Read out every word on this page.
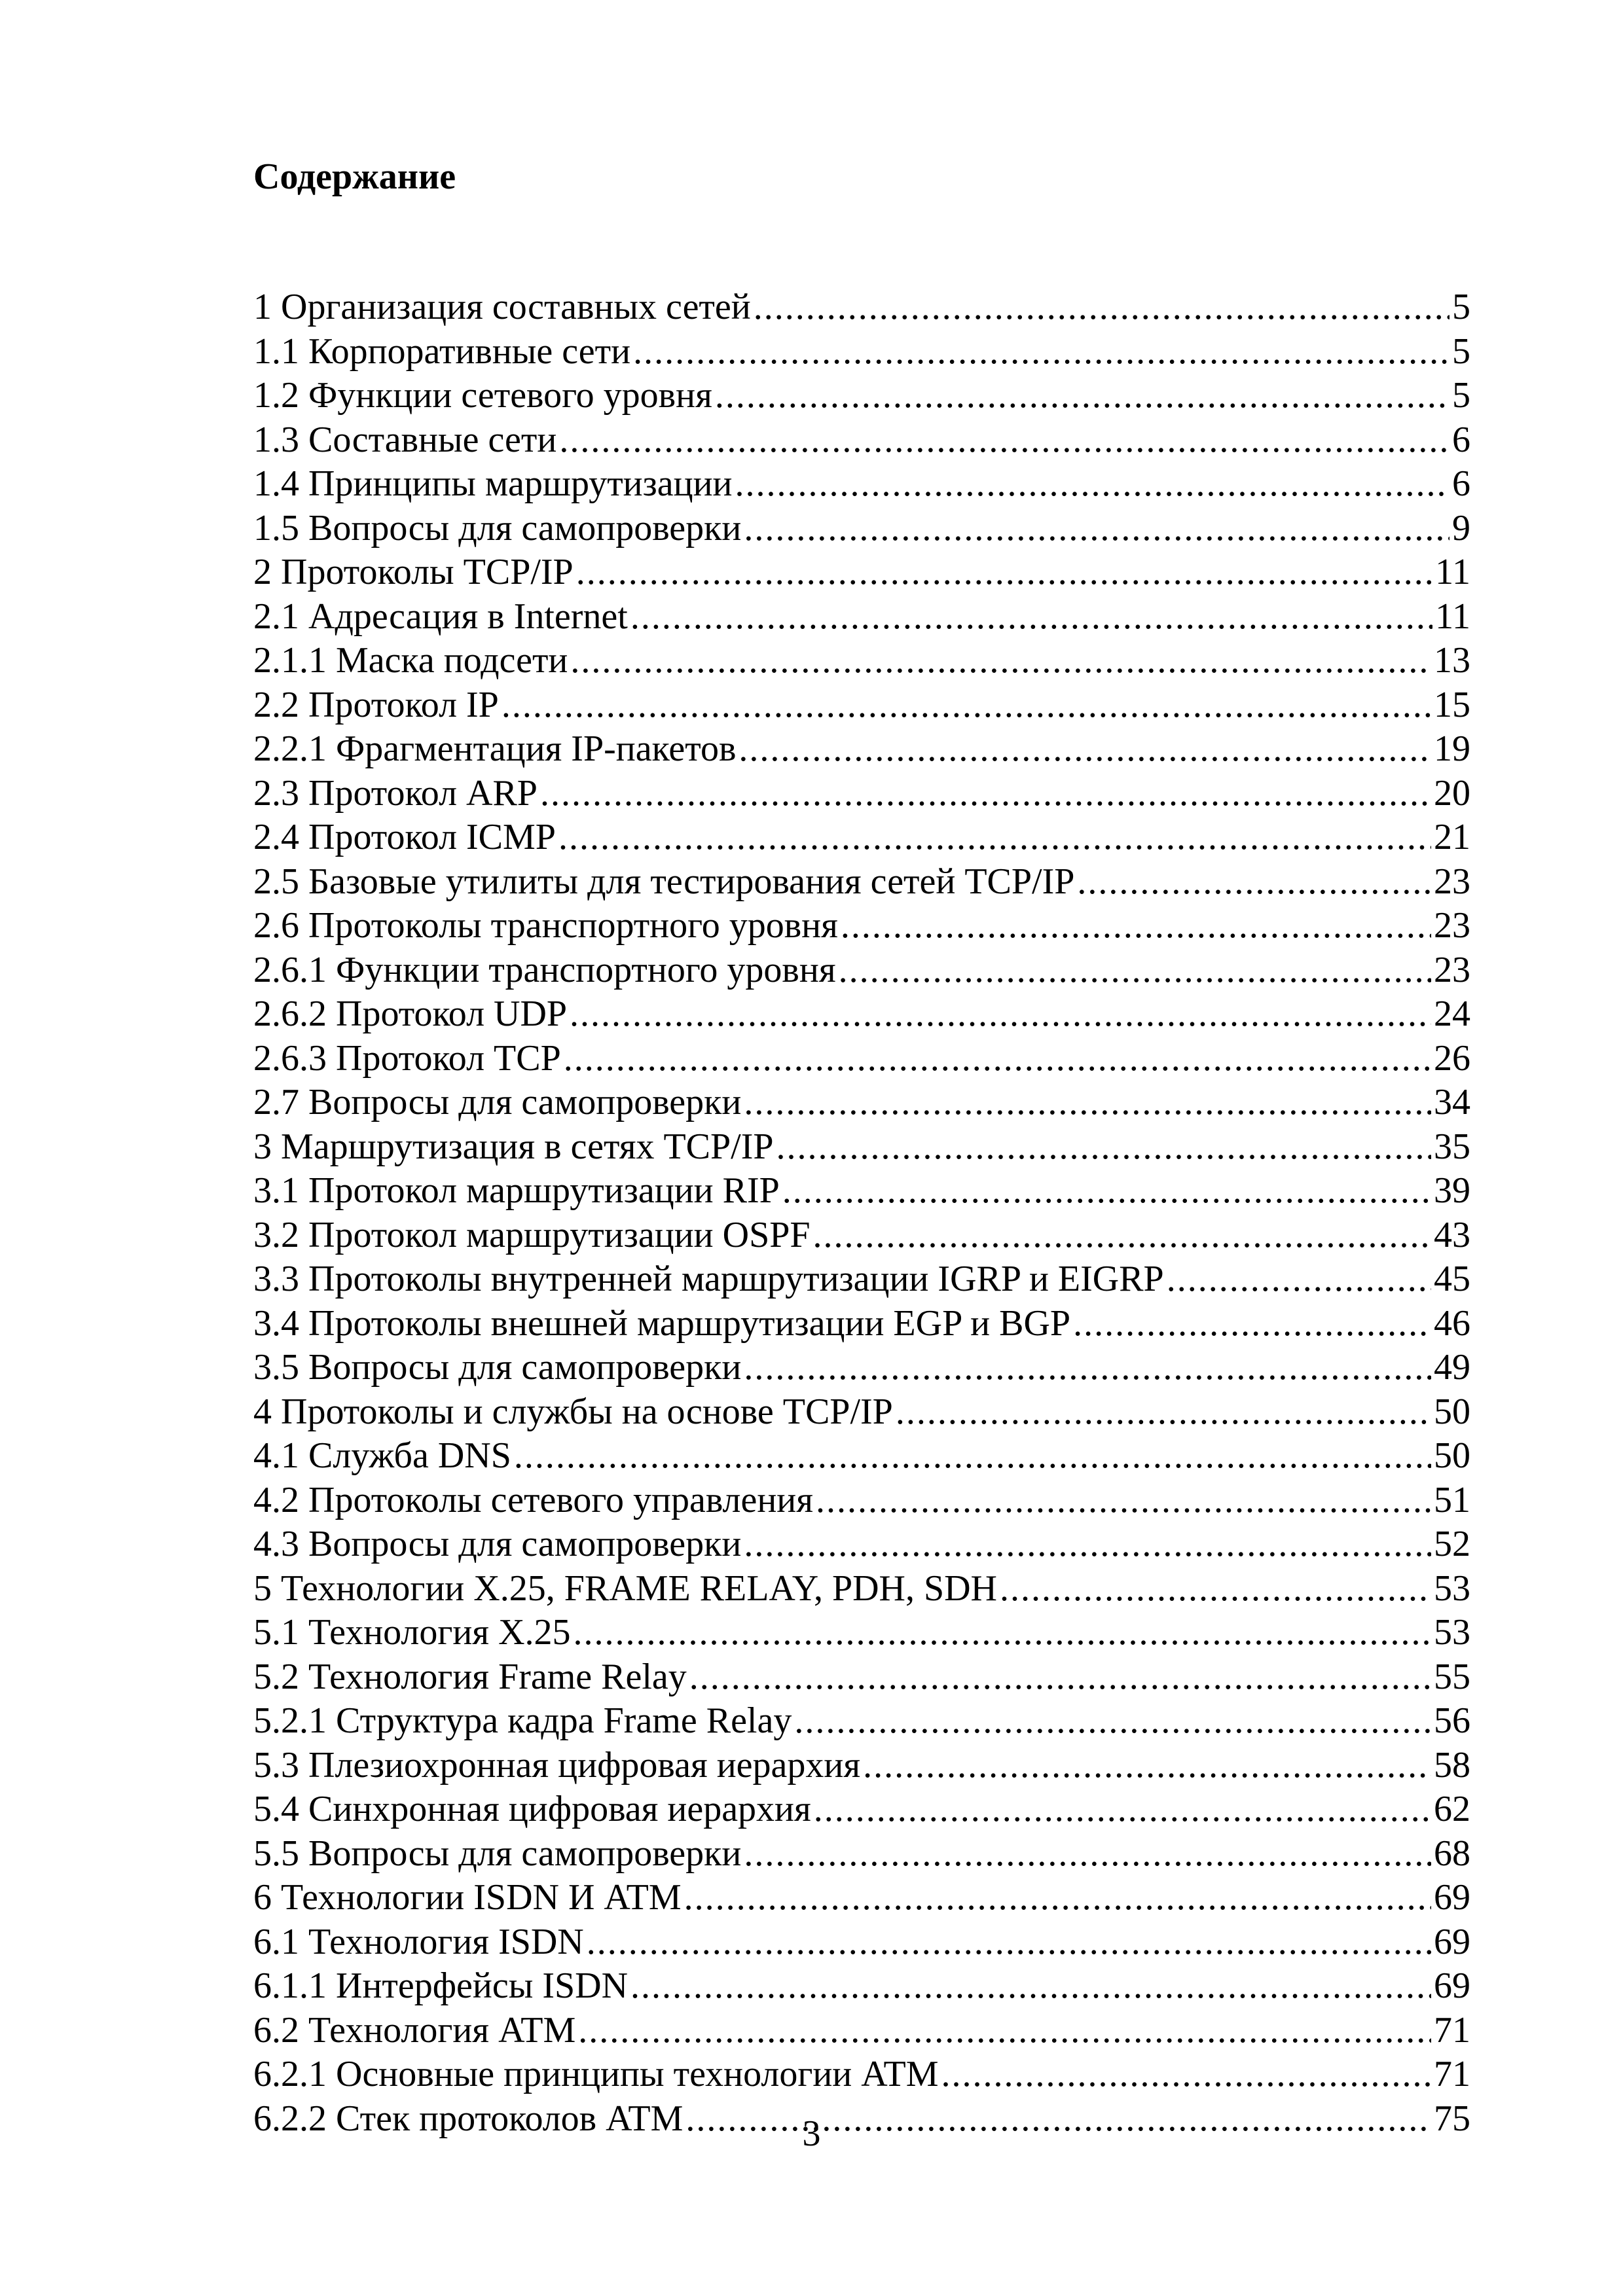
Содержание
1 Организация составных сетей .....	5
1.1 Корпоративные сети .....	5
1.2 Функции сетевого уровня .....	5
1.3 Составные сети .....	6
1.4 Принципы маршрутизации .....	6
1.5 Вопросы для самопроверки .....	9
2 Протоколы TCP/IP .....	11
2.1 Адресация в Internet .....	11
2.1.1 Маска подсети .....	13
2.2 Протокол IP .....	15
2.2.1 Фрагментация IP-пакетов .....	19
2.3 Протокол ARP .....	20
2.4 Протокол ICMP .....	21
2.5 Базовые утилиты для тестирования сетей TCP/IP .....	23
2.6 Протоколы транспортного уровня .....	23
2.6.1 Функции транспортного уровня .....	23
2.6.2 Протокол UDP .....	24
2.6.3 Протокол TCP .....	26
2.7 Вопросы для самопроверки .....	34
3 Маршрутизация в сетях TCP/IP .....	35
3.1 Протокол маршрутизации RIP .....	39
3.2 Протокол маршрутизации OSPF .....	43
3.3 Протоколы внутренней маршрутизации IGRP и EIGRP .....	45
3.4 Протоколы внешней маршрутизации EGP и BGP .....	46
3.5 Вопросы для самопроверки .....	49
4 Протоколы и службы на основе TCP/IP .....	50
4.1 Служба DNS .....	50
4.2 Протоколы сетевого управления .....	51
4.3 Вопросы для самопроверки .....	52
5 Технологии X.25, FRAME RELAY, PDH, SDH .....	53
5.1 Технология X.25 .....	53
5.2 Технология Frame Relay .....	55
5.2.1 Структура кадра Frame Relay .....	56
5.3 Плезиохронная цифровая иерархия .....	58
5.4 Синхронная цифровая иерархия .....	62
5.5 Вопросы для самопроверки .....	68
6 Технологии ISDN И ATM .....	69
6.1 Технология ISDN .....	69
6.1.1 Интерфейсы ISDN .....	69
6.2 Технология ATM .....	71
6.2.1 Основные принципы технологии ATM .....	71
6.2.2 Стек протоколов ATM .....	75
3
